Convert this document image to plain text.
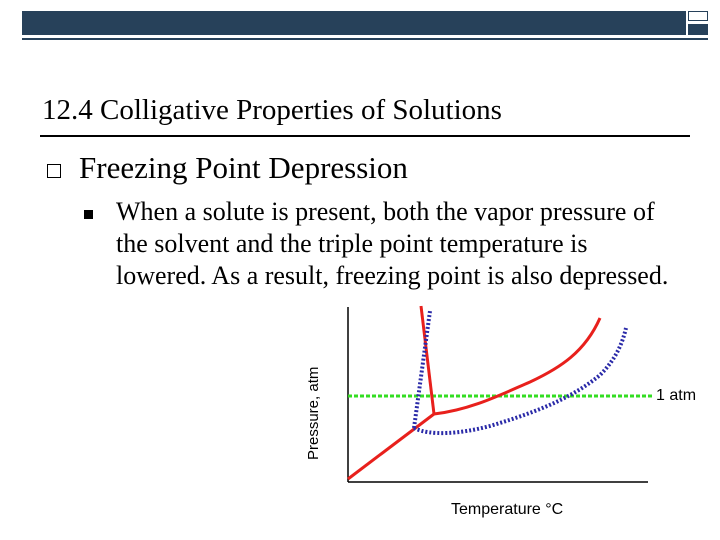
12.4 Colligative Properties of Solutions
Freezing Point Depression
When a solute is present, both the vapor pressure of the solvent and the triple point temperature is lowered. As a result, freezing point is also depressed.
Pressure, atm
Temperature °C
1 atm
